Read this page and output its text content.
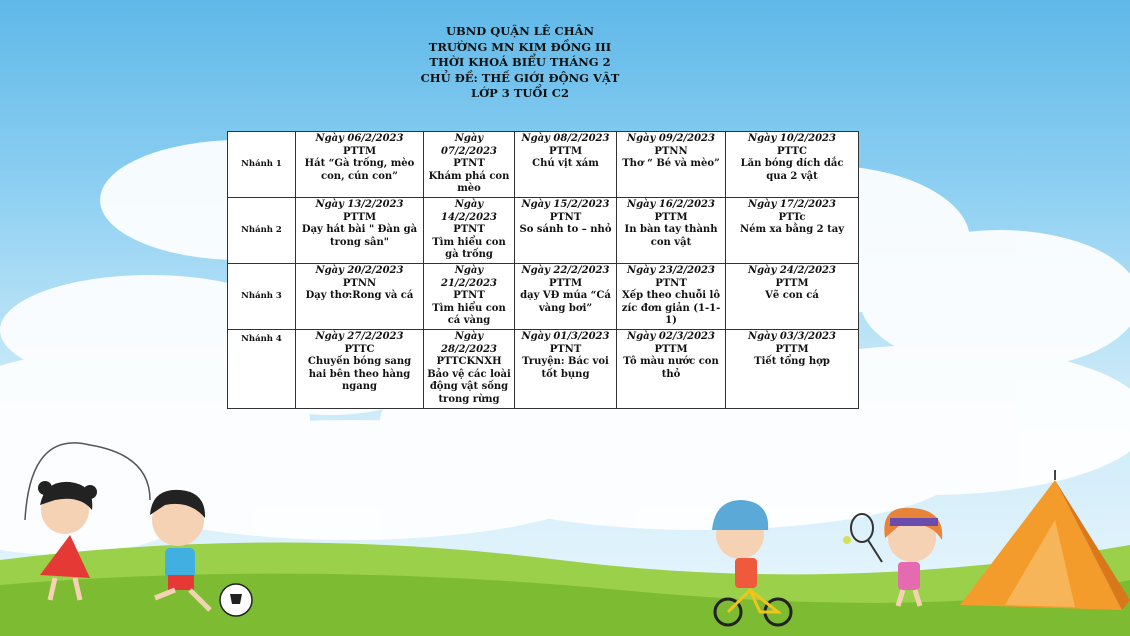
UBND QUẬN LÊ CHÂN
TRƯỜNG MN KIM ĐỒNG III
THỜI KHOÁ BIỂU THÁNG 2
CHỦ ĐỀ: THẾ GIỚI ĐỘNG VẬT
LỚP 3 TUỔI C2
Nhánh 1	Ngày 06/2/2023
PTTM
Hát “Gà trống, mèo con, cún con”	Ngày 07/2/2023
PTNT
Khám phá con mèo	Ngày 08/2/2023
PTTM
Chú vịt xám	Ngày 09/2/2023
PTNN
Thơ “ Bé và mèo”	Ngày 10/2/2023
PTTC
Lăn bóng dích dắc qua 2 vật

Nhánh 2	Ngày 13/2/2023
PTTM
Dạy hát bài " Đàn gà trong sân"	Ngày 14/2/2023
PTNT
Tìm hiểu con gà trống	Ngày 15/2/2023
PTNT
So sánh to – nhỏ	Ngày 16/2/2023
PTTM
In bàn tay thành con vật	Ngày 17/2/2023
PTTc
Ném xa bằng 2 tay

Nhánh 3	Ngày 20/2/2023
PTNN
Dạy thơ:Rong và cá	Ngày 21/2/2023
PTNT
Tìm hiểu con cá vàng	Ngày 22/2/2023
PTTM
dạy VĐ múa “Cá vàng bơi”	Ngày 23/2/2023
PTNT
Xếp theo chuỗi lô zíc đơn giản (1-1-1)	Ngày 24/2/2023
PTTM
Vẽ con cá

Nhánh 4	Ngày 27/2/2023
PTTC
Chuyền bóng sang hai bên theo hàng ngang	Ngày 28/2/2023
PTTCKNXH
Bảo vệ các loài động vật sống trong rừng	Ngày 01/3/2023
PTNT
Truyện: Bác voi tốt bụng	Ngày 02/3/2023
PTTM
Tô màu nước con thỏ	Ngày 03/3/2023
PTTM
Tiết tổng hợp
